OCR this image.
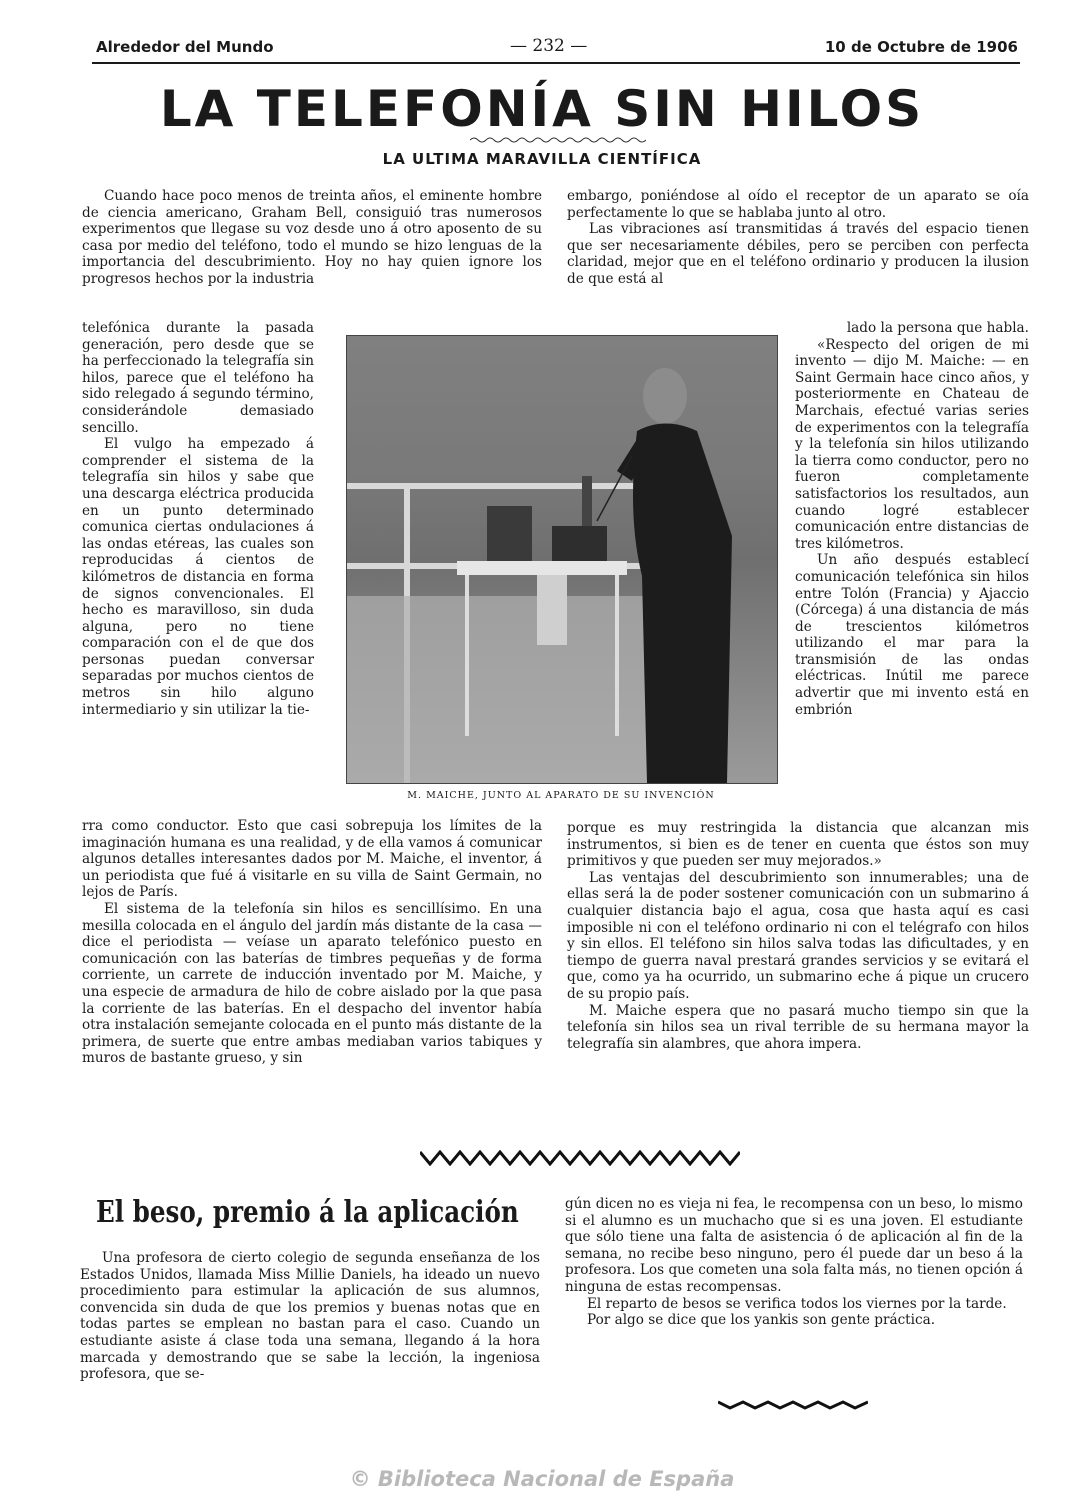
Alrededor del Mundo	— 232 —	10 de Octubre de 1906
LA TELEFONÍA SIN HILOS
LA ULTIMA MARAVILLA CIENTÍFICA

Cuando hace poco menos de treinta años, el eminente hombre de ciencia americano, Graham Bell, consiguió tras numerosos experimentos que llegase su voz desde uno á otro aposento de su casa por medio del teléfono, todo el mundo se hizo lenguas de la importancia del descubrimiento. Hoy no hay quien ignore los progresos hechos por la industria

telefónica durante la pasada generación, pero desde que se ha perfeccionado la telegrafía sin hilos, parece que el teléfono ha sido relegado á segundo término, considerándole demasiado sencillo.

El vulgo ha empezado á comprender el sistema de la telegrafía sin hilos y sabe que una descarga eléctrica producida en un punto determinado comunica ciertas ondulaciones á las ondas etéreas, las cuales son reproducidas á cientos de kilómetros de distancia en forma de signos convencionales. El hecho es maravilloso, sin duda alguna, pero no tiene comparación con el de que dos personas puedan conversar separadas por muchos cientos de metros sin hilo alguno intermediario y sin utilizar la tie-

rra como conductor. Esto que casi sobrepuja los límites de la imaginación humana es una realidad, y de ella vamos á comunicar algunos detalles interesantes dados por M. Maiche, el inventor, á un periodista que fué á visitarle en su villa de Saint Germain, no lejos de París.

El sistema de la telefonía sin hilos es sencillísimo. En una mesilla colocada en el ángulo del jardín más distante de la casa — dice el periodista — veíase un aparato telefónico puesto en comunicación con las baterías de timbres pequeñas y de forma corriente, un carrete de inducción inventado por M. Maiche, y una especie de armadura de hilo de cobre aislado por la que pasa la corriente de las baterías. En el despacho del inventor había otra instalación semejante colocada en el punto más distante de la primera, de suerte que entre ambas mediaban varios tabiques y muros de bastante grueso, y sin

embargo, poniéndose al oído el receptor de un aparato se oía perfectamente lo que se hablaba junto al otro.

Las vibraciones así transmitidas á través del espacio tienen que ser necesariamente débiles, pero se perciben con perfecta claridad, mejor que en el teléfono ordinario y producen la ilusion de que está al

lado la persona que habla.

«Respecto del origen de mi invento — dijo M. Maiche: — en Saint Germain hace cinco años, y posteriormente en Chateau de Marchais, efectué varias series de experimentos con la telegrafía y la telefonía sin hilos utilizando la tierra como conductor, pero no fueron completamente satisfactorios los resultados, aun cuando logré establecer comunicación entre distancias de tres kilómetros.

Un año después establecí comunicación telefónica sin hilos entre Tolón (Francia) y Ajaccio (Córcega) á una distancia de más de trescientos kilómetros utilizando el mar para la transmisión de las ondas eléctricas. Inútil me parece advertir que mi invento está en embrión

porque es muy restringida la distancia que alcanzan mis instrumentos, si bien es de tener en cuenta que éstos son muy primitivos y que pueden ser muy mejorados.»

Las ventajas del descubrimiento son innumerables; una de ellas será la de poder sostener comunicación con un submarino á cualquier distancia bajo el agua, cosa que hasta aquí es casi imposible ni con el teléfono ordinario ni con el telégrafo con hilos y sin ellos. El teléfono sin hilos salva todas las dificultades, y en tiempo de guerra naval prestará grandes servicios y se evitará el que, como ya ha ocurrido, un submarino eche á pique un crucero de su propio país.

M. Maiche espera que no pasará mucho tiempo sin que la telefonía sin hilos sea un rival terrible de su hermana mayor la telegrafía sin alambres, que ahora impera.

M. MAICHE, JUNTO AL APARATO DE SU INVENCIÓN
El beso, premio á la aplicación

Una profesora de cierto colegio de segunda enseñanza de los Estados Unidos, llamada Miss Millie Daniels, ha ideado un nuevo procedimiento para estimular la aplicación de sus alumnos, convencida sin duda de que los premios y buenas notas que en todas partes se emplean no bastan para el caso. Cuando un estudiante asiste á clase toda una semana, llegando á la hora marcada y demostrando que se sabe la lección, la ingeniosa profesora, que se-

gún dicen no es vieja ni fea, le recompensa con un beso, lo mismo si el alumno es un muchacho que si es una joven. El estudiante que sólo tiene una falta de asistencia ó de aplicación al fin de la semana, no recibe beso ninguno, pero él puede dar un beso á la profesora. Los que cometen una sola falta más, no tienen opción á ninguna de estas recompensas.

El reparto de besos se verifica todos los viernes por la tarde.

Por algo se dice que los yankis son gente práctica.

© Biblioteca Nacional de España
